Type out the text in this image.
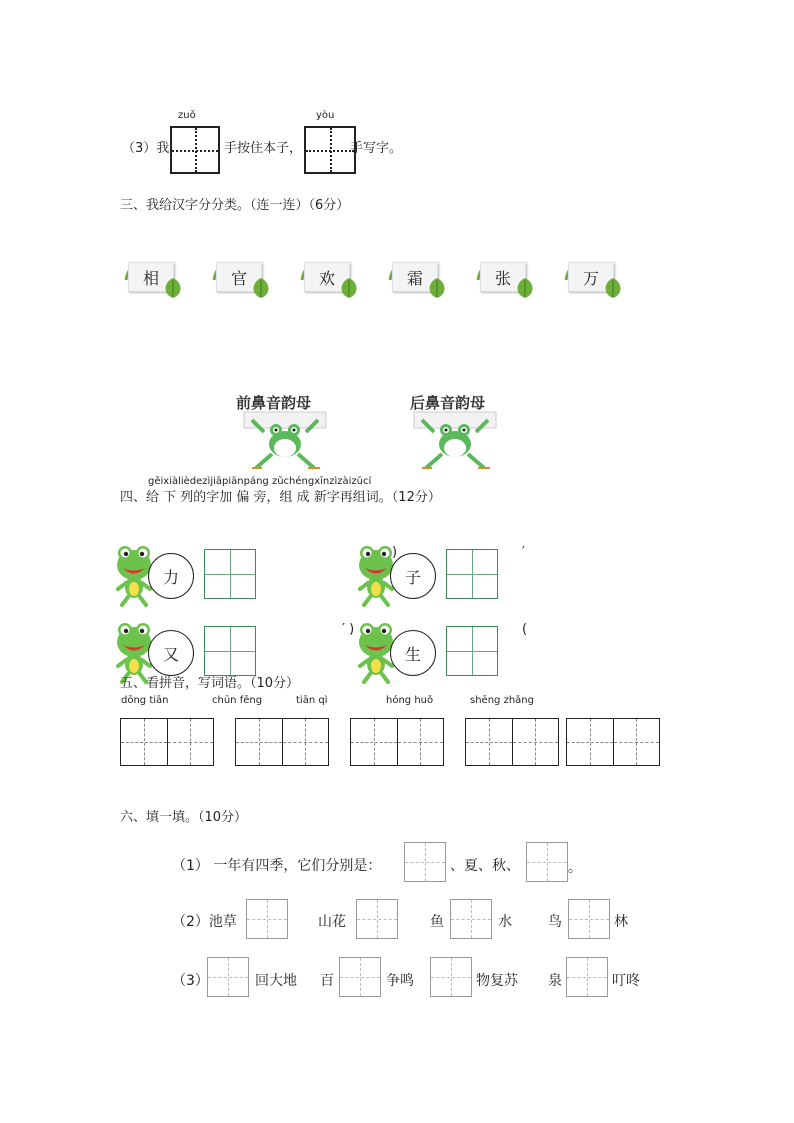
zuǒ	yòu
（3）我	手按住本子，	手写字。
三、我给汉字分分类。（连一连）（6分）
相	官	欢	霜	张	万
前鼻音韵母	后鼻音韵母
gěixiàlièdezìjiāpiānpáng zǔchéngxīnzìzàizǔcí
四、给 下 列的字加 偏 旁，组 成 新字再组词。（12分）
力
)
子
′
又
′ )
生
(
五、看拼音，写词语。（10分）
dōng tiān	chūn fēng	tiān qì	hóng huǒ	shēng zhǎng
六、填一填。（10分）
（1） 一年有四季，它们分别是：	、夏、秋、	。
（2）池草	山花	鱼	水	鸟	林
（3）	回大地 百	争鸣	物复苏 泉	叮咚
